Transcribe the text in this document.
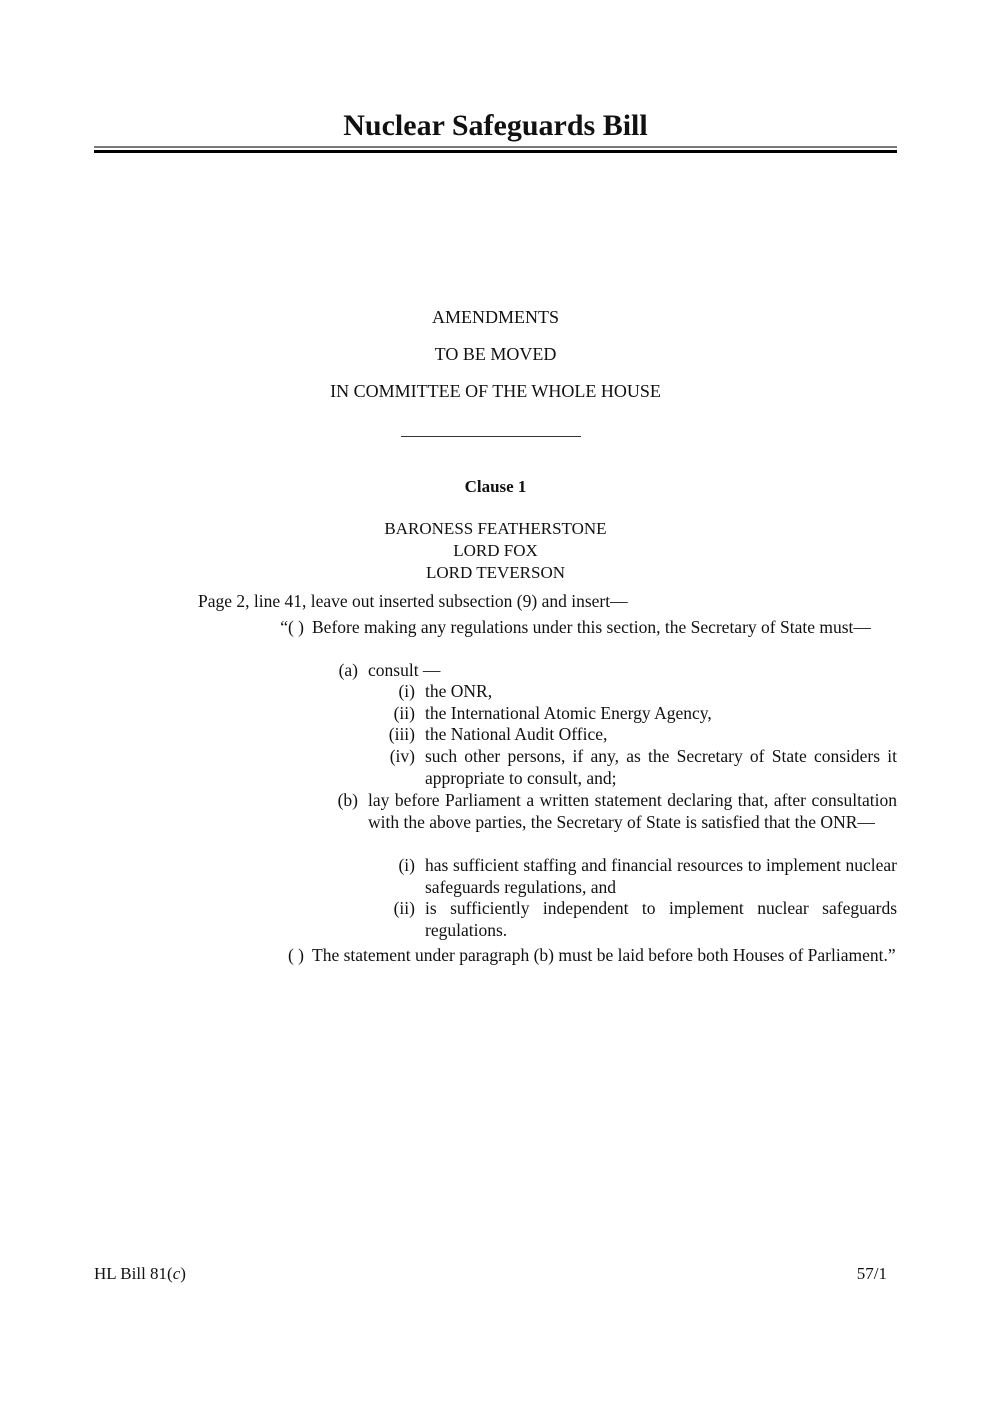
Nuclear Safeguards Bill
AMENDMENTS
TO BE MOVED
IN COMMITTEE OF THE WHOLE HOUSE
Clause 1
BARONESS FEATHERSTONE
LORD FOX
LORD TEVERSON
Page 2, line 41, leave out inserted subsection (9) and insert—
“( ) Before making any regulations under this section, the Secretary of State must—
(a) consult —
(i) the ONR,
(ii) the International Atomic Energy Agency,
(iii) the National Audit Office,
(iv) such other persons, if any, as the Secretary of State considers it appropriate to consult, and;
(b) lay before Parliament a written statement declaring that, after consultation with the above parties, the Secretary of State is satisfied that the ONR—
(i) has sufficient staffing and financial resources to implement nuclear safeguards regulations, and
(ii) is sufficiently independent to implement nuclear safeguards regulations.
( ) The statement under paragraph (b) must be laid before both Houses of Parliament.”
HL Bill 81(c)	57/1
